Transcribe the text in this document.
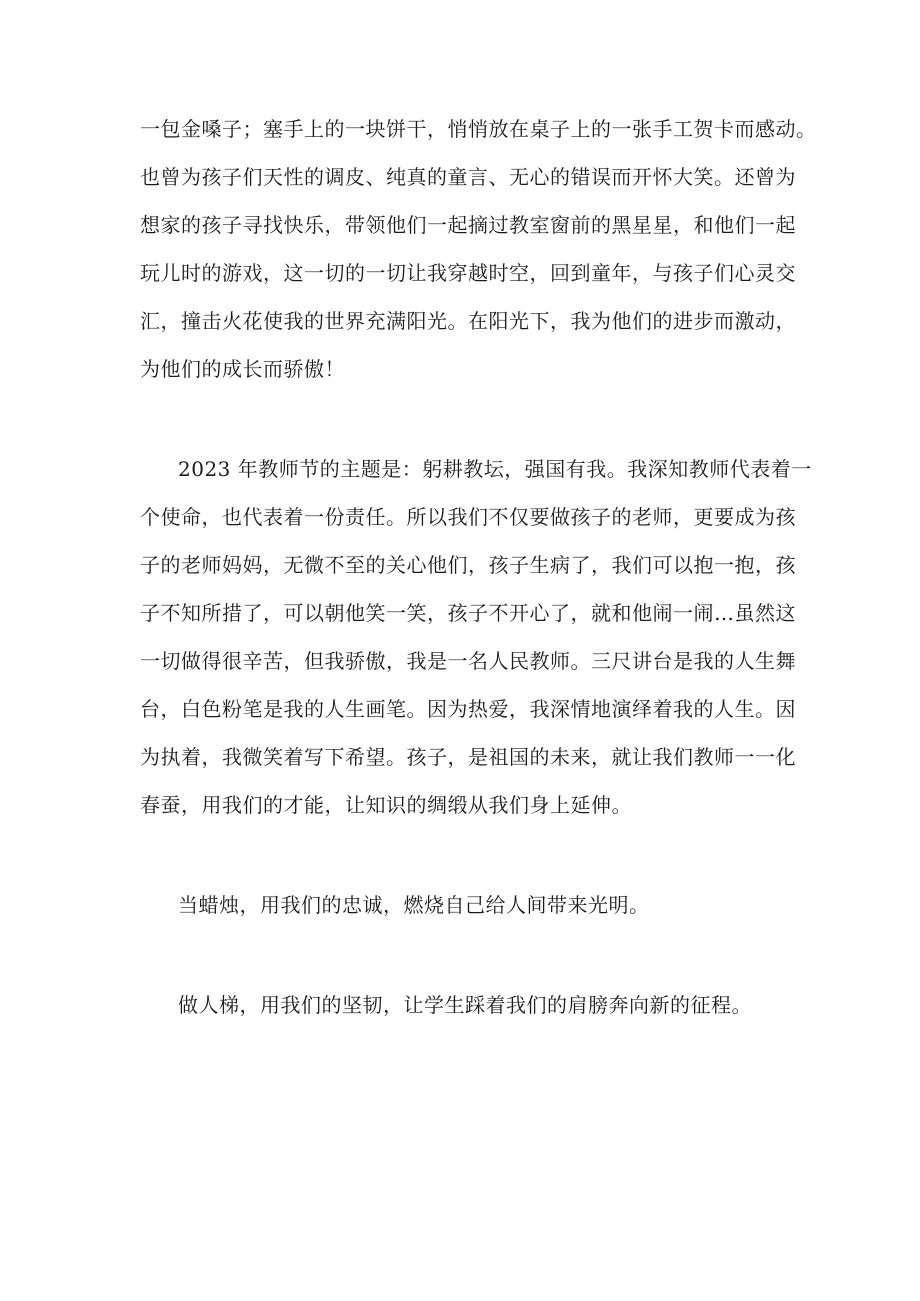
一包金嗓子；塞手上的一块饼干，悄悄放在桌子上的一张手工贺卡而感动。
也曾为孩子们天性的调皮、纯真的童言、无心的错误而开怀大笑。还曾为
想家的孩子寻找快乐，带领他们一起摘过教室窗前的黑星星，和他们一起
玩儿时的游戏，这一切的一切让我穿越时空，回到童年，与孩子们心灵交
汇，撞击火花使我的世界充满阳光。在阳光下，我为他们的进步而激动，
为他们的成长而骄傲！
2023 年教师节的主题是：躬耕教坛，强国有我。我深知教师代表着一
个使命，也代表着一份责任。所以我们不仅要做孩子的老师，更要成为孩
子的老师妈妈，无微不至的关心他们，孩子生病了，我们可以抱一抱，孩
子不知所措了，可以朝他笑一笑，孩子不开心了，就和他闹一闹…虽然这
一切做得很辛苦，但我骄傲，我是一名人民教师。三尺讲台是我的人生舞
台，白色粉笔是我的人生画笔。因为热爱，我深情地演绎着我的人生。因
为执着，我微笑着写下希望。孩子，是祖国的未来，就让我们教师一一化
春蚕，用我们的才能，让知识的绸缎从我们身上延伸。
当蜡烛，用我们的忠诚，燃烧自己给人间带来光明。
做人梯，用我们的坚韧，让学生踩着我们的肩膀奔向新的征程。
